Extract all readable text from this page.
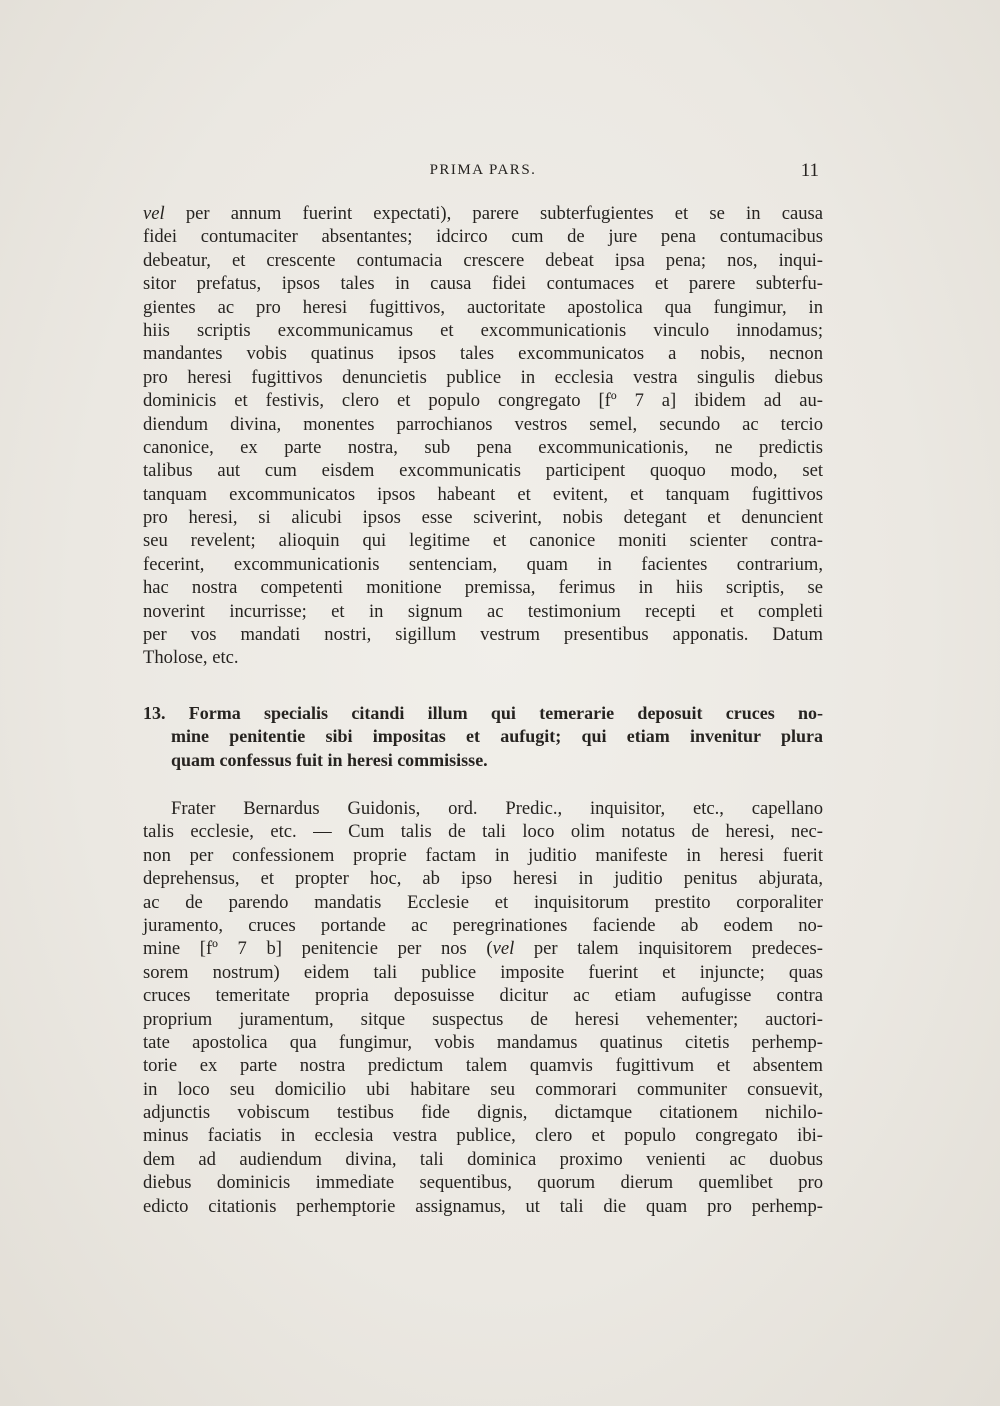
PRIMA PARS.	11
vel per annum fuerint expectati), parere subterfugientes et se in causa
fidei contumaciter absentantes; idcirco cum de jure pena contumacibus
debeatur, et crescente contumacia crescere debeat ipsa pena; nos, inqui-
sitor prefatus, ipsos tales in causa fidei contumaces et parere subterfu-
gientes ac pro heresi fugittivos, auctoritate apostolica qua fungimur, in
hiis scriptis excommunicamus et excommunicationis vinculo innodamus;
mandantes vobis quatinus ipsos tales excommunicatos a nobis, necnon
pro heresi fugittivos denuncietis publice in ecclesia vestra singulis diebus
dominicis et festivis, clero et populo congregato [fº 7 a] ibidem ad au-
diendum divina, monentes parrochianos vestros semel, secundo ac tercio
canonice, ex parte nostra, sub pena excommunicationis, ne predictis
talibus aut cum eisdem excommunicatis participent quoquo modo, set
tanquam excommunicatos ipsos habeant et evitent, et tanquam fugittivos
pro heresi, si alicubi ipsos esse sciverint, nobis detegant et denuncient
seu revelent; alioquin qui legitime et canonice moniti scienter contra-
fecerint, excommunicationis sentenciam, quam in facientes contrarium,
hac nostra competenti monitione premissa, ferimus in hiis scriptis, se
noverint incurrisse; et in signum ac testimonium recepti et completi
per vos mandati nostri, sigillum vestrum presentibus apponatis. Datum
Tholose, etc.
13. Forma specialis citandi illum qui temerarie deposuit cruces no-
mine penitentie sibi impositas et aufugit; qui etiam invenitur plura
quam confessus fuit in heresi commisisse.
Frater Bernardus Guidonis, ord. Predic., inquisitor, etc., capellano
talis ecclesie, etc. — Cum talis de tali loco olim notatus de heresi, nec-
non per confessionem proprie factam in juditio manifeste in heresi fuerit
deprehensus, et propter hoc, ab ipso heresi in juditio penitus abjurata,
ac de parendo mandatis Ecclesie et inquisitorum prestito corporaliter
juramento, cruces portande ac peregrinationes faciende ab eodem no-
mine [fº 7 b] penitencie per nos (vel per talem inquisitorem predeces-
sorem nostrum) eidem tali publice imposite fuerint et injuncte; quas
cruces temeritate propria deposuisse dicitur ac etiam aufugisse contra
proprium juramentum, sitque suspectus de heresi vehementer; auctori-
tate apostolica qua fungimur, vobis mandamus quatinus citetis perhemp-
torie ex parte nostra predictum talem quamvis fugittivum et absentem
in loco seu domicilio ubi habitare seu commorari communiter consuevit,
adjunctis vobiscum testibus fide dignis, dictamque citationem nichilo-
minus faciatis in ecclesia vestra publice, clero et populo congregato ibi-
dem ad audiendum divina, tali dominica proximo venienti ac duobus
diebus dominicis immediate sequentibus, quorum dierum quemlibet pro
edicto citationis perhemptorie assignamus, ut tali die quam pro perhemp-
